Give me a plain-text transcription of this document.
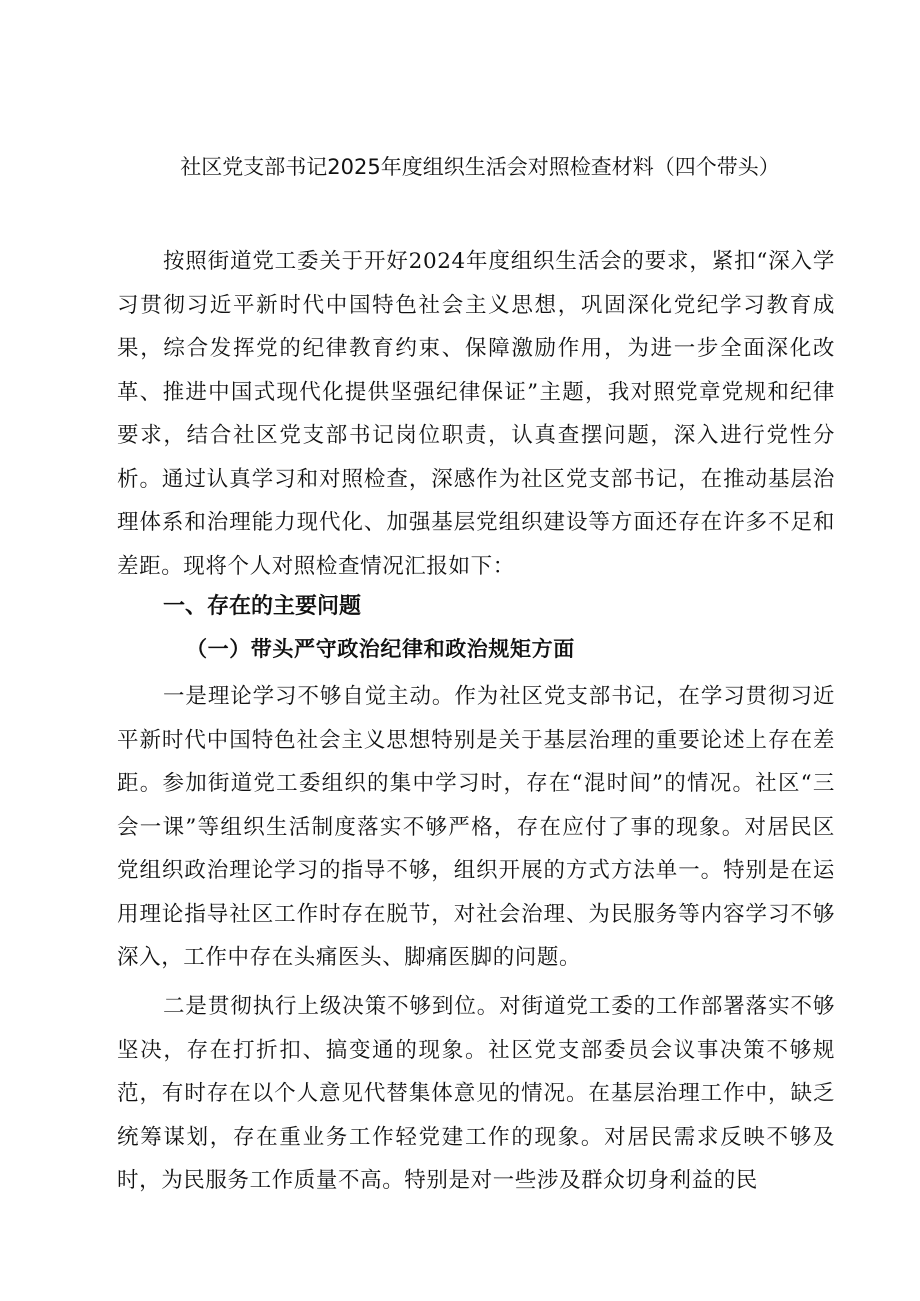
社区党支部书记2025年度组织生活会对照检查材料（四个带头）

按照街道党工委关于开好2024年度组织生活会的要求，紧扣“深入学习贯彻习近平新时代中国特色社会主义思想，巩固深化党纪学习教育成果，综合发挥党的纪律教育约束、保障激励作用，为进一步全面深化改革、推进中国式现代化提供坚强纪律保证”主题，我对照党章党规和纪律要求，结合社区党支部书记岗位职责，认真查摆问题，深入进行党性分析。通过认真学习和对照检查，深感作为社区党支部书记，在推动基层治理体系和治理能力现代化、加强基层党组织建设等方面还存在许多不足和差距。现将个人对照检查情况汇报如下：

一、存在的主要问题
（一）带头严守政治纪律和政治规矩方面

一是理论学习不够自觉主动。作为社区党支部书记，在学习贯彻习近平新时代中国特色社会主义思想特别是关于基层治理的重要论述上存在差距。参加街道党工委组织的集中学习时，存在“混时间”的情况。社区“三会一课”等组织生活制度落实不够严格，存在应付了事的现象。对居民区党组织政治理论学习的指导不够，组织开展的方式方法单一。特别是在运用理论指导社区工作时存在脱节，对社会治理、为民服务等内容学习不够深入，工作中存在头痛医头、脚痛医脚的问题。

二是贯彻执行上级决策不够到位。对街道党工委的工作部署落实不够坚决，存在打折扣、搞变通的现象。社区党支部委员会议事决策不够规范，有时存在以个人意见代替集体意见的情况。在基层治理工作中，缺乏统筹谋划，存在重业务工作轻党建工作的现象。对居民需求反映不够及时，为民服务工作质量不高。特别是对一些涉及群众切身利益的民
